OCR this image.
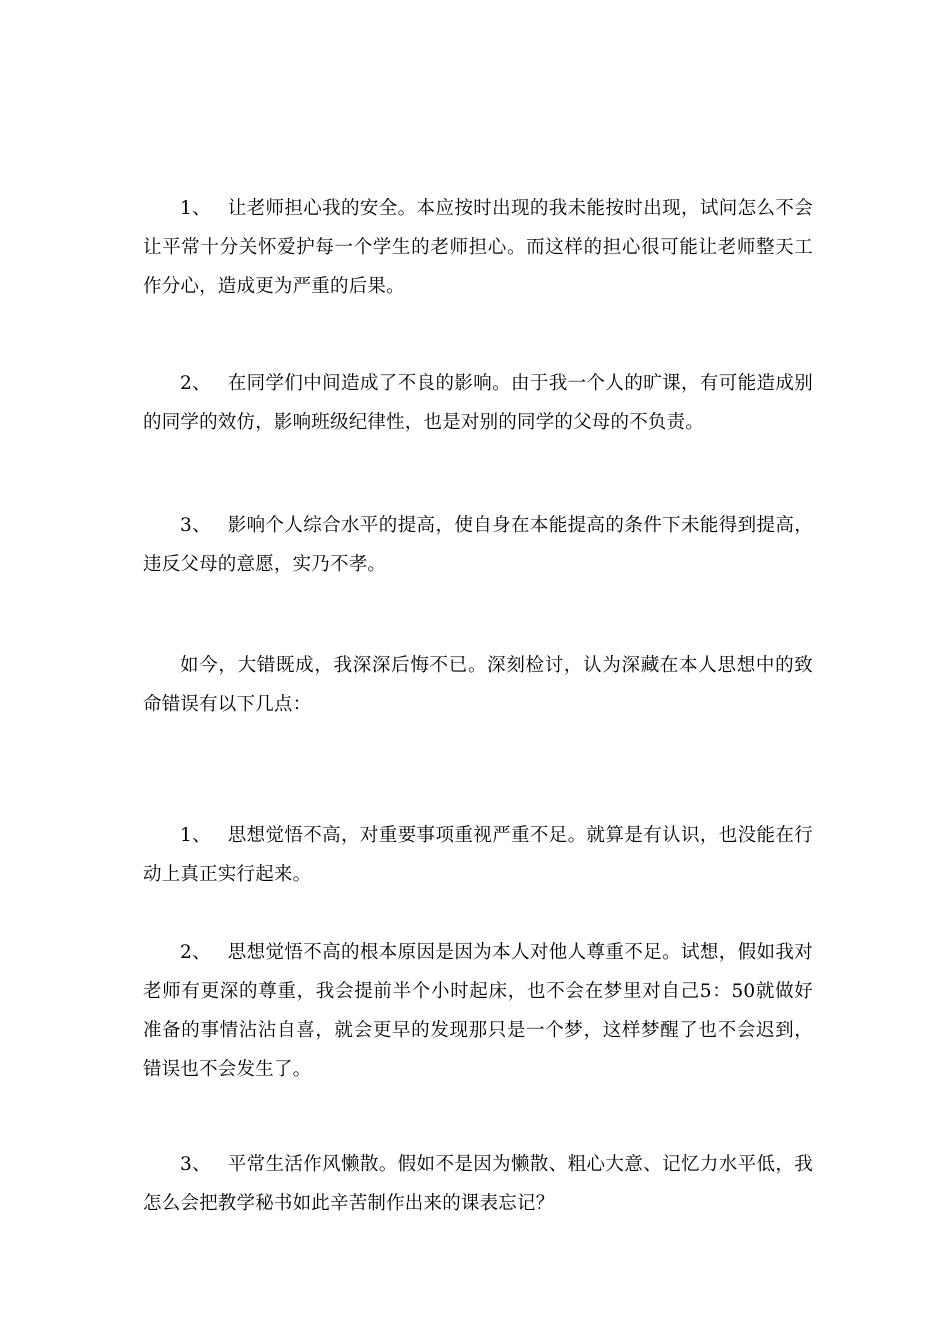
1、 让老师担心我的安全。本应按时出现的我未能按时出现，试问怎么不会让平常十分关怀爱护每一个学生的老师担心。而这样的担心很可能让老师整天工作分心，造成更为严重的后果。

2、 在同学们中间造成了不良的影响。由于我一个人的旷课，有可能造成别的同学的效仿，影响班级纪律性，也是对别的同学的父母的不负责。

3、 影响个人综合水平的提高，使自身在本能提高的条件下未能得到提高，违反父母的意愿，实乃不孝。

如今，大错既成，我深深后悔不已。深刻检讨，认为深藏在本人思想中的致命错误有以下几点：

1、 思想觉悟不高，对重要事项重视严重不足。就算是有认识，也没能在行动上真正实行起来。

2、 思想觉悟不高的根本原因是因为本人对他人尊重不足。试想，假如我对老师有更深的尊重，我会提前半个小时起床，也不会在梦里对自己5：50就做好准备的事情沾沾自喜，就会更早的发现那只是一个梦，这样梦醒了也不会迟到，错误也不会发生了。

3、 平常生活作风懒散。假如不是因为懒散、粗心大意、记忆力水平低，我怎么会把教学秘书如此辛苦制作出来的课表忘记？
